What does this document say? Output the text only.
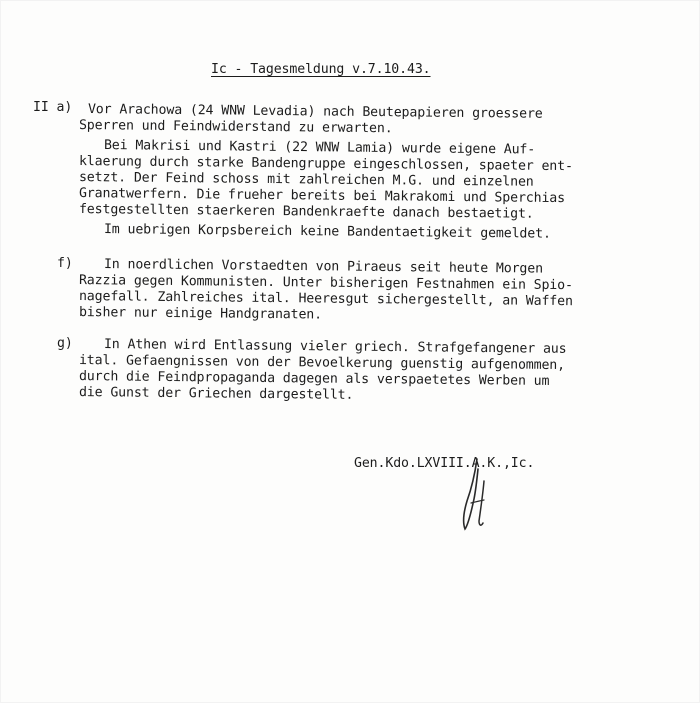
Ic - Tagesmeldung v.7.10.43.
II a) Vor Arachowa (24 WNW Levadia) nach Beutepapieren groessere
Sperren und Feindwiderstand zu erwarten.
Bei Makrisi und Kastri (22 WNW Lamia) wurde eigene Auf-
klaerung durch starke Bandengruppe eingeschlossen, spaeter ent-
setzt. Der Feind schoss mit zahlreichen M.G. und einzelnen
Granatwerfern. Die frueher bereits bei Makrakomi und Sperchias
festgestellten staerkeren Bandenkraefte danach bestaetigt.
Im uebrigen Korpsbereich keine Bandentaetigkeit gemeldet.
f) In noerdlichen Vorstaedten von Piraeus seit heute Morgen
Razzia gegen Kommunisten. Unter bisherigen Festnahmen ein Spio-
nagefall. Zahlreiches ital. Heeresgut sichergestellt, an Waffen
bisher nur einige Handgranaten.
g) In Athen wird Entlassung vieler griech. Strafgefangener aus
ital. Gefaengnissen von der Bevoelkerung guenstig aufgenommen,
durch die Feindpropaganda dagegen als verspaetetes Werben um
die Gunst der Griechen dargestellt.
Gen.Kdo.LXVIII.A.K.,Ic.
